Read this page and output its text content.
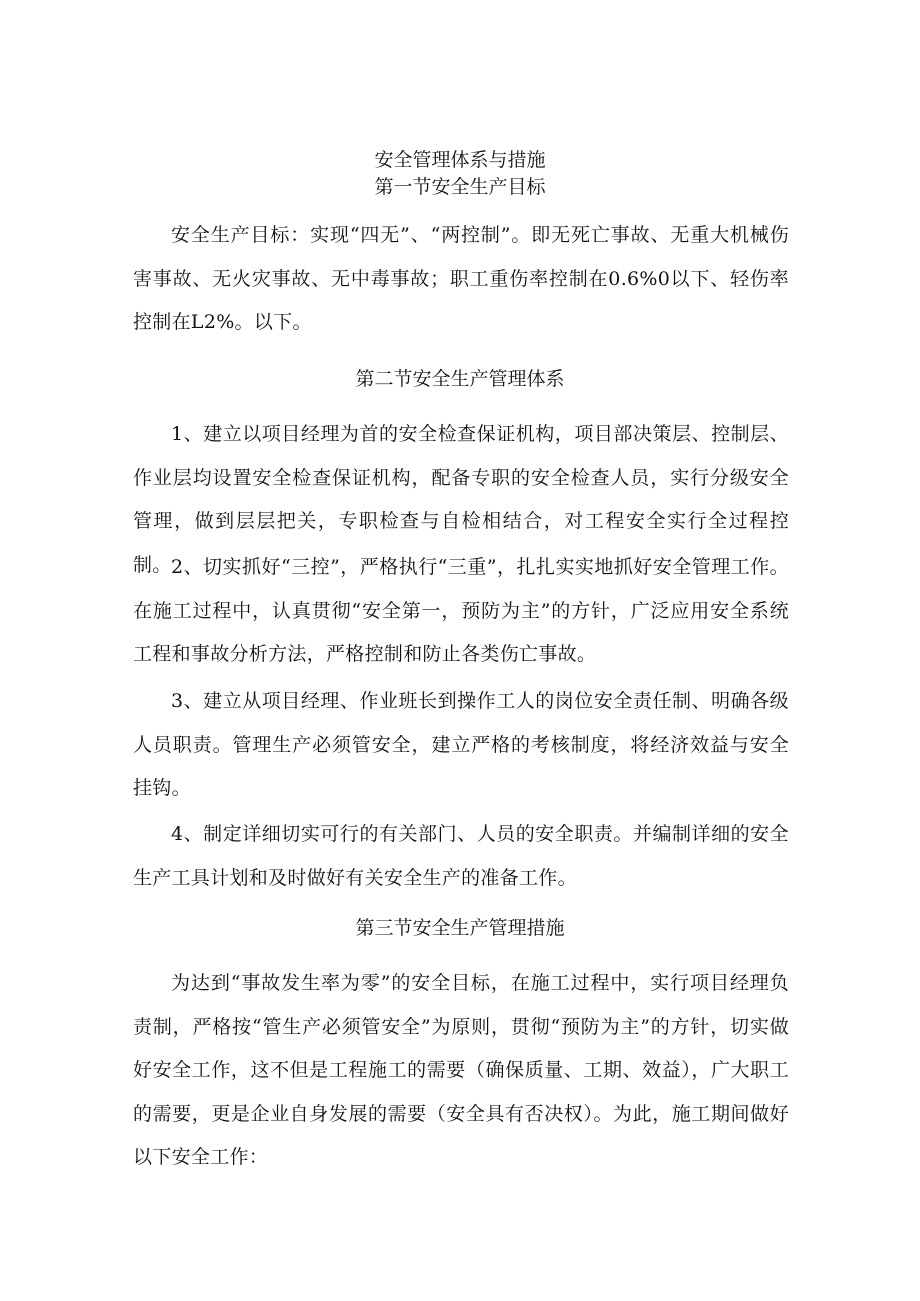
安全管理体系与措施
第一节安全生产目标

安全生产目标：实现“四无”、“两控制”。即无死亡事故、无重大机械伤害事故、无火灾事故、无中毒事故；职工重伤率控制在0.6%0以下、轻伤率控制在L2%。以下。

第二节安全生产管理体系

1、建立以项目经理为首的安全检查保证机构，项目部决策层、控制层、作业层均设置安全检查保证机构，配备专职的安全检查人员，实行分级安全管理，做到层层把关，专职检查与自检相结合，对工程安全实行全过程控制。 2、切实抓好“三控”，严格执行“三重”，扎扎实实地抓好安全管理工作。在施工过程中，认真贯彻“安全第一，预防为主”的方针，广泛应用安全系统工程和事故分析方法，严格控制和防止各类伤亡事故。

3、建立从项目经理、作业班长到操作工人的岗位安全责任制、明确各级人员职责。管理生产必须管安全，建立严格的考核制度，将经济效益与安全挂钩。

4、制定详细切实可行的有关部门、人员的安全职责。并编制详细的安全生产工具计划和及时做好有关安全生产的准备工作。

第三节安全生产管理措施

为达到“事故发生率为零”的安全目标，在施工过程中，实行项目经理负责制，严格按“管生产必须管安全”为原则，贯彻“预防为主”的方针，切实做好安全工作，这不但是工程施工的需要（确保质量、工期、效益），广大职工的需要，更是企业自身发展的需要（安全具有否决权）。为此，施工期间做好以下安全工作：
